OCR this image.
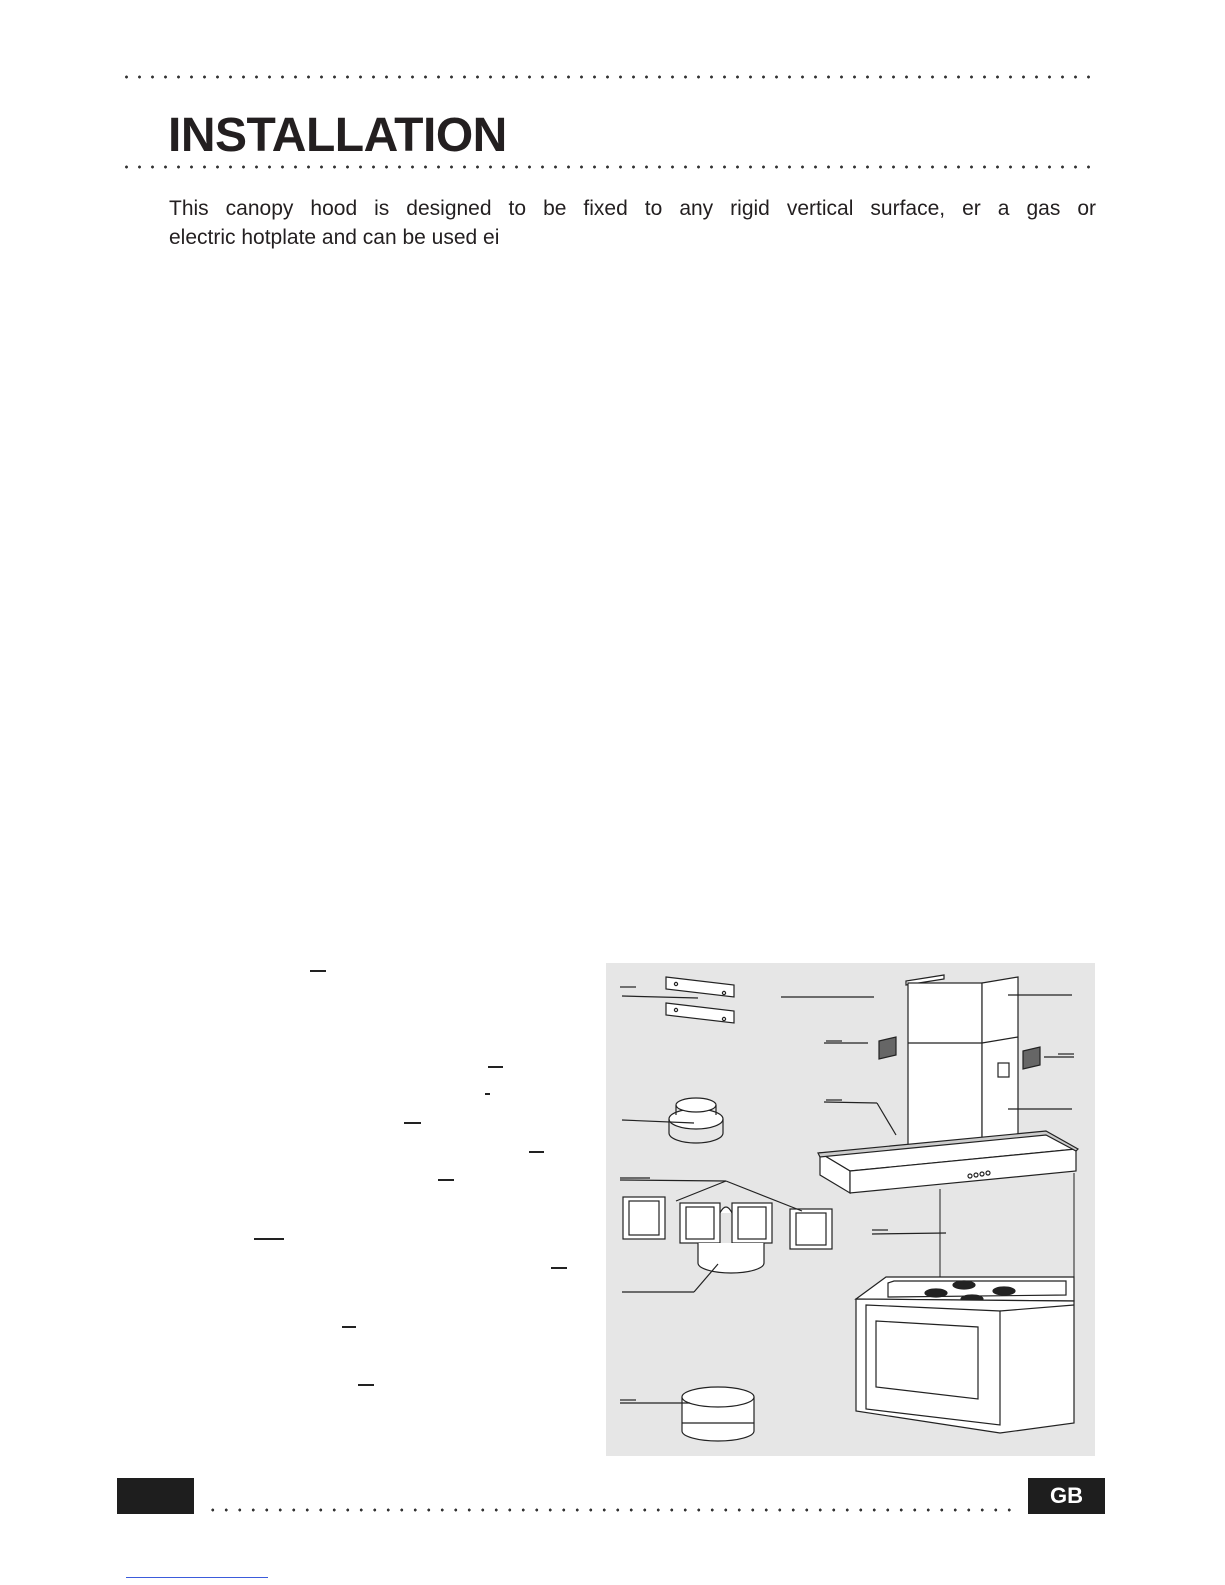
INSTALLATION

This canopy hood is designed to be fixed to any rigid vertical surface, er a gas or
electric hotplate and can be used ei

GB
